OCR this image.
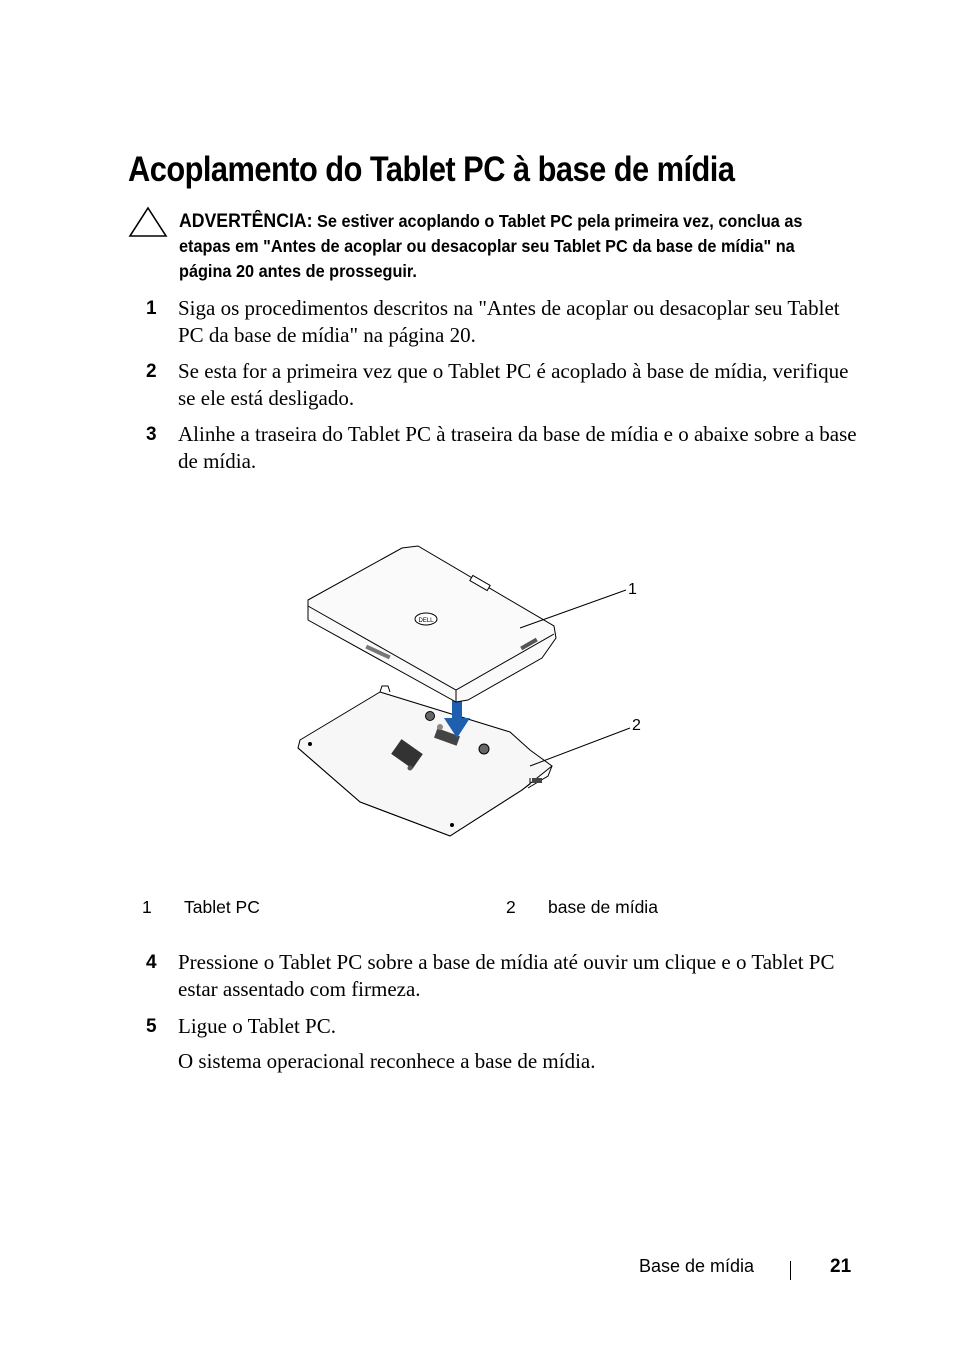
Acoplamento do Tablet PC à base de mídia
ADVERTÊNCIA: Se estiver acoplando o Tablet PC pela primeira vez, conclua as etapas em "Antes de acoplar ou desacoplar seu Tablet PC da base de mídia" na página 20 antes de prosseguir.
1	Siga os procedimentos descritos na "Antes de acoplar ou desacoplar seu Tablet PC da base de mídia" na página 20.
2	Se esta for a primeira vez que o Tablet PC é acoplado à base de mídia, verifique se ele está desligado.
3	Alinhe a traseira do Tablet PC à traseira da base de mídia e o abaixe sobre a base de mídia.
DELL
1
2
1 Tablet PC	2 base de mídia
4	Pressione o Tablet PC sobre a base de mídia até ouvir um clique e o Tablet PC estar assentado com firmeza.
5	Ligue o Tablet PC.
O sistema operacional reconhece a base de mídia.
Base de mídia	21
